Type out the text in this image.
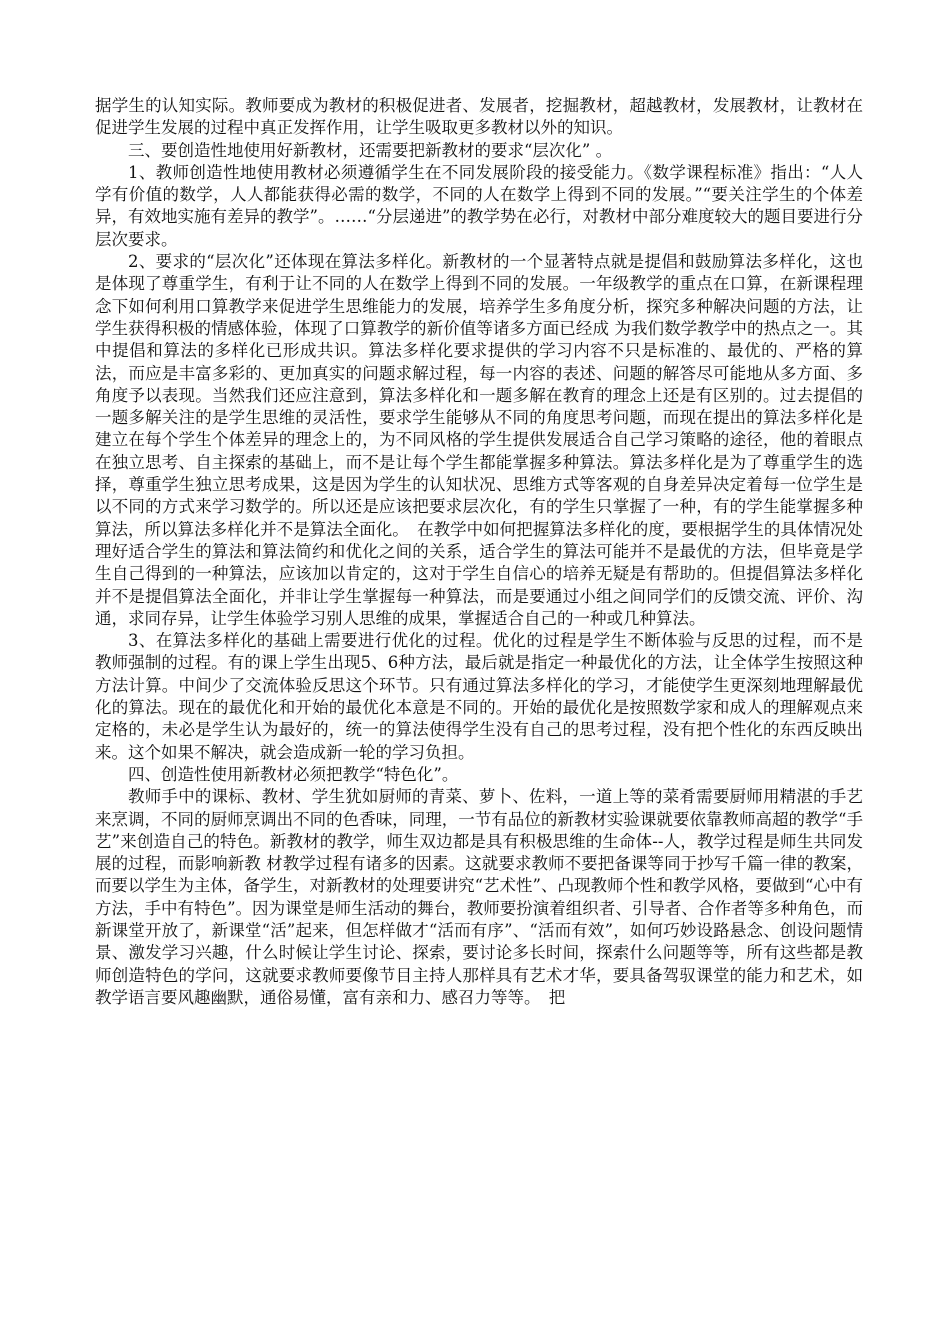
据学生的认知实际。教师要成为教材的积极促进者、发展者，挖掘教材，超越教材，发展教材，让教材在促进学生发展的过程中真正发挥作用，让学生吸取更多教材以外的知识。

三、要创造性地使用好新教材，还需要把新教材的要求“层次化” 。

1、教师创造性地使用教材必须遵循学生在不同发展阶段的接受能力。《数学课程标准》指出：“人人学有价值的数学，人人都能获得必需的数学，不同的人在数学上得到不同的发展。”“要关注学生的个体差异，有效地实施有差异的教学”。……“分层递进”的教学势在必行，对教材中部分难度较大的题目要进行分层次要求。

2、要求的“层次化”还体现在算法多样化。新教材的一个显著特点就是提倡和鼓励算法多样化，这也是体现了尊重学生，有利于让不同的人在数学上得到不同的发展。一年级教学的重点在口算，在新课程理念下如何利用口算教学来促进学生思维能力的发展，培养学生多角度分析，探究多种解决问题的方法，让学生获得积极的情感体验，体现了口算教学的新价值等诸多方面已经成 为我们数学教学中的热点之一。其中提倡和算法的多样化已形成共识。算法多样化要求提供的学习内容不只是标准的、最优的、严格的算法，而应是丰富多彩的、更加真实的问题求解过程，每一内容的表述、问题的解答尽可能地从多方面、多角度予以表现。当然我们还应注意到，算法多样化和一题多解在教育的理念上还是有区别的。过去提倡的一题多解关注的是学生思维的灵活性，要求学生能够从不同的角度思考问题，而现在提出的算法多样化是建立在每个学生个体差异的理念上的，为不同风格的学生提供发展适合自己学习策略的途径，他的着眼点在独立思考、自主探索的基础上，而不是让每个学生都能掌握多种算法。算法多样化是为了尊重学生的选择，尊重学生独立思考成果，这是因为学生的认知状况、思维方式等客观的自身差异决定着每一位学生是以不同的方式来学习数学的。所以还是应该把要求层次化，有的学生只掌握了一种，有的学生能掌握多种算法，所以算法多样化并不是算法全面化。　在教学中如何把握算法多样化的度，要根据学生的具体情况处理好适合学生的算法和算法简约和优化之间的关系，适合学生的算法可能并不是最优的方法，但毕竟是学生自己得到的一种算法，应该加以肯定的，这对于学生自信心的培养无疑是有帮助的。但提倡算法多样化并不是提倡算法全面化，并非让学生掌握每一种算法，而是要通过小组之间同学们的反馈交流、评价、沟通，求同存异，让学生体验学习别人思维的成果，掌握适合自己的一种或几种算法。

3、在算法多样化的基础上需要进行优化的过程。优化的过程是学生不断体验与反思的过程，而不是教师强制的过程。有的课上学生出现5、6种方法，最后就是指定一种最优化的方法，让全体学生按照这种方法计算。中间少了交流体验反思这个环节。只有通过算法多样化的学习，才能使学生更深刻地理解最优化的算法。现在的最优化和开始的最优化本意是不同的。开始的最优化是按照数学家和成人的理解观点来定格的，未必是学生认为最好的，统一的算法使得学生没有自己的思考过程，没有把个性化的东西反映出来。这个如果不解决，就会造成新一轮的学习负担。

四、创造性使用新教材必须把教学“特色化”。

教师手中的课标、教材、学生犹如厨师的青菜、萝卜、佐料，一道上等的菜肴需要厨师用精湛的手艺来烹调，不同的厨师烹调出不同的色香味，同理，一节有品位的新教材实验课就要依靠教师高超的教学“手艺”来创造自己的特色。新教材的教学，师生双边都是具有积极思维的生命体--人，教学过程是师生共同发展的过程，而影响新教 材教学过程有诸多的因素。这就要求教师不要把备课等同于抄写千篇一律的教案，而要以学生为主体，备学生，对新教材的处理要讲究“艺术性”、凸现教师个性和教学风格，要做到“心中有方法，手中有特色”。因为课堂是师生活动的舞台，教师要扮演着组织者、引导者、合作者等多种角色，而新课堂开放了，新课堂“活”起来，但怎样做才“活而有序”、“活而有效”，如何巧妙设路悬念、创设问题情景、激发学习兴趣，什么时候让学生讨论、探索，要讨论多长时间，探索什么问题等等，所有这些都是教师创造特色的学问，这就要求教师要像节目主持人那样具有艺术才华，要具备驾驭课堂的能力和艺术，如教学语言要风趣幽默，通俗易懂，富有亲和力、感召力等等。　把
